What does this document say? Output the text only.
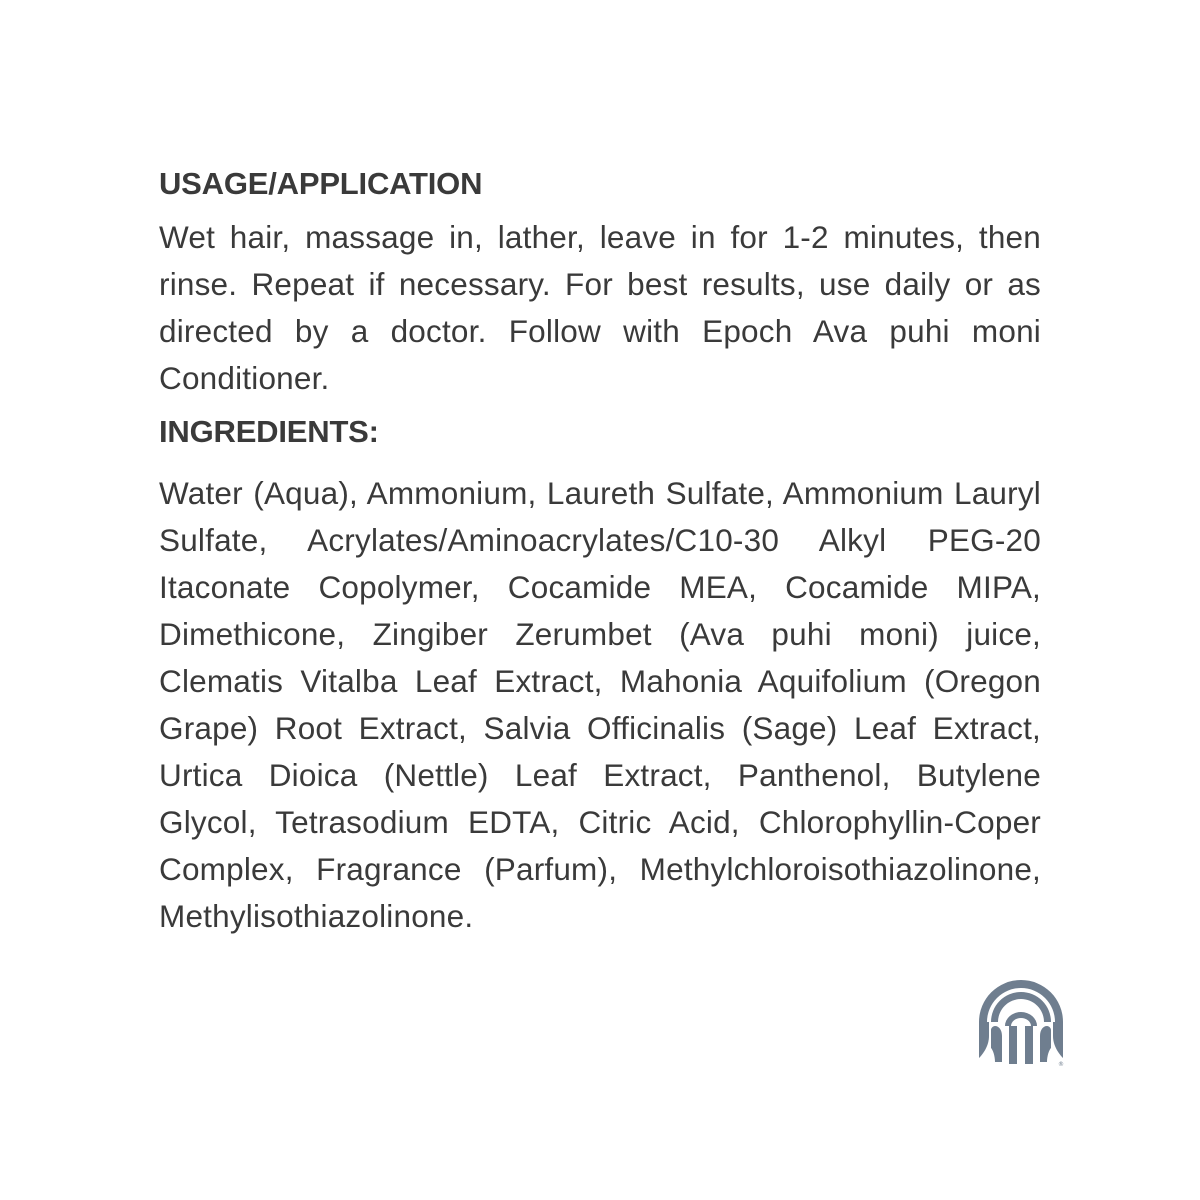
USAGE/APPLICATION

Wet hair, massage in, lather, leave in for 1-2 minutes, then rinse. Repeat if necessary. For best results, use daily or as directed by a doctor. Follow with Epoch Ava puhi moni Conditioner.

INGREDIENTS:

Water (Aqua), Ammonium, Laureth Sulfate, Ammonium Lauryl Sulfate, Acrylates/Aminoacrylates/C10-30 Alkyl PEG-20 Itaconate Copolymer, Cocamide MEA, Cocamide MIPA, Dimethicone, Zingiber Zerumbet (Ava puhi moni) juice, Clematis Vitalba Leaf Extract, Mahonia Aquifolium (Oregon Grape) Root Extract, Salvia Officinalis (Sage) Leaf Extract, Urtica Dioica (Nettle) Leaf Extract, Panthenol, Butylene Glycol, Tetrasodium EDTA, Citric Acid, Chlorophyllin-Coper Complex, Fragrance (Parfum), Methylchloroisothiazolinone, Methylisothiazolinone.

®
